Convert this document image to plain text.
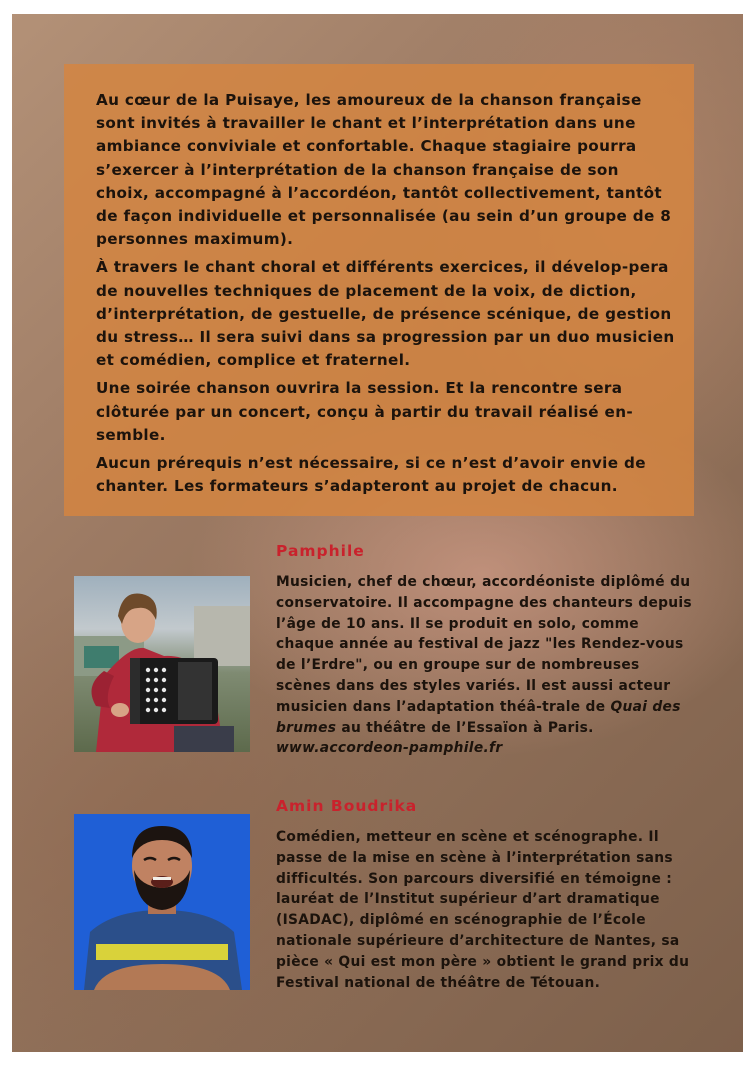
Au cœur de la Puisaye, les amoureux de la chanson française sont invités à travailler le chant et l’interprétation dans une ambiance conviviale et confortable. Chaque stagiaire pourra s’exercer à l’interprétation de la chanson française de son choix, accompagné à l’accordéon, tantôt collectivement, tantôt de façon individuelle et personnalisée (au sein d’un groupe de 8 personnes maximum).

À travers le chant choral et différents exercices, il dévelop-pera de nouvelles techniques de placement de la voix, de diction, d’interprétation, de gestuelle, de présence scénique, de gestion du stress… Il sera suivi dans sa progression par un duo musicien et comédien, complice et fraternel.

Une soirée chanson ouvrira la session. Et la rencontre sera clôturée par un concert, conçu à partir du travail réalisé en-semble.

Aucun prérequis n’est nécessaire, si ce n’est d’avoir envie de chanter. Les formateurs s’adapteront au projet de chacun.

Pamphile

Musicien, chef de chœur, accordéoniste diplômé du conservatoire. Il accompagne des chanteurs depuis l’âge de 10 ans. Il se produit en solo, comme chaque année au festival de jazz "les Rendez-vous de l’Erdre", ou en groupe sur de nombreuses scènes dans des styles variés. Il est aussi acteur musicien dans l’adaptation théâ-trale de Quai des brumes au théâtre de l’Essaïon à Paris. www.accordeon-pamphile.fr

Amin Boudrika

Comédien, metteur en scène et scénographe. Il passe de la mise en scène à l’interprétation sans difficultés. Son parcours diversifié en témoigne : lauréat de l’Institut supérieur d’art dramatique (ISADAC), diplômé en scénographie de l’École nationale supérieure d’architecture de Nantes, sa pièce « Qui est mon père » obtient le grand prix du Festival national de théâtre de Tétouan.
